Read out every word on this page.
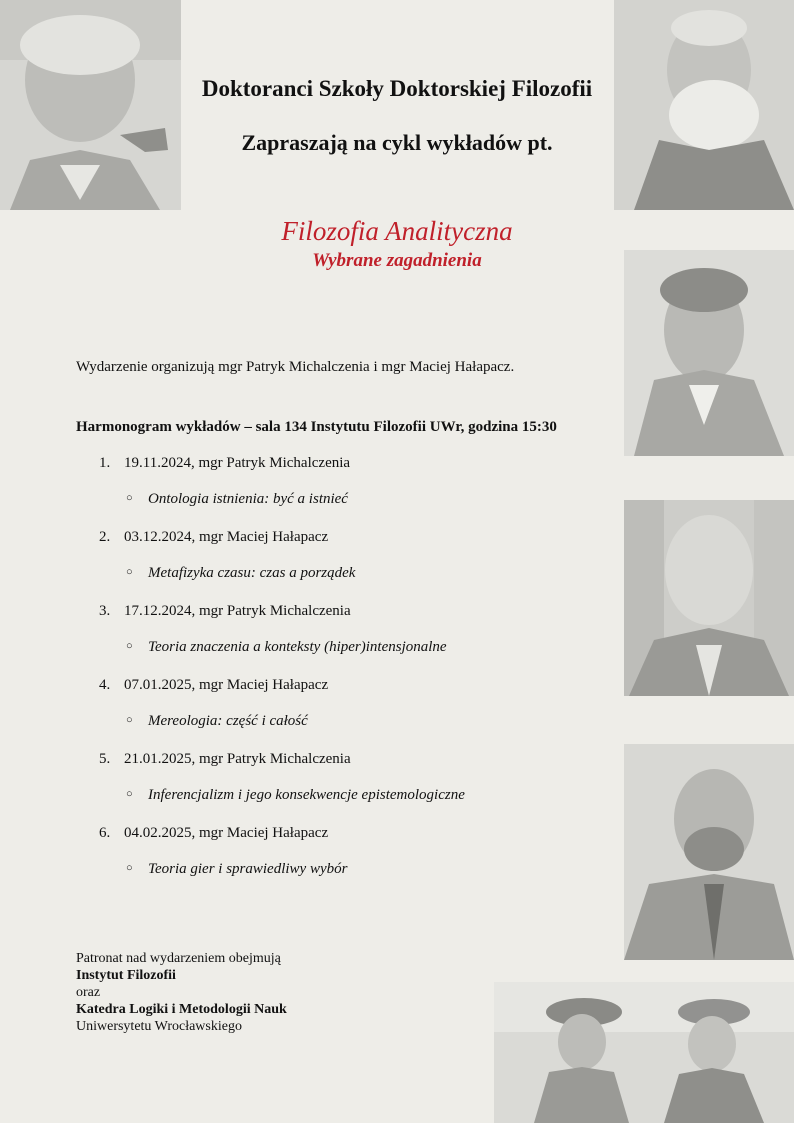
Doktoranci Szkoły Doktorskiej Filozofii
Zapraszają na cykl wykładów pt.
Filozofia Analityczna
Wybrane zagadnienia
Wydarzenie organizują mgr Patryk Michalczenia i mgr Maciej Hałapacz.
Harmonogram wykładów – sala 134 Instytutu Filozofii UWr, godzina 15:30
1. 19.11.2024, mgr Patryk Michalczenia
○ Ontologia istnienia: być a istnieć
2. 03.12.2024, mgr Maciej Hałapacz
○ Metafizyka czasu: czas a porządek
3. 17.12.2024, mgr Patryk Michalczenia
○ Teoria znaczenia a konteksty (hiper)intensjonalne
4. 07.01.2025, mgr Maciej Hałapacz
○ Mereologia: część i całość
5. 21.01.2025, mgr Patryk Michalczenia
○ Inferencjalizm i jego konsekwencje epistemologiczne
6. 04.02.2025, mgr Maciej Hałapacz
○ Teoria gier i sprawiedliwy wybór
Patronat nad wydarzeniem obejmują
Instytut Filozofii
oraz
Katedra Logiki i Metodologii Nauk
Uniwersytetu Wrocławskiego
